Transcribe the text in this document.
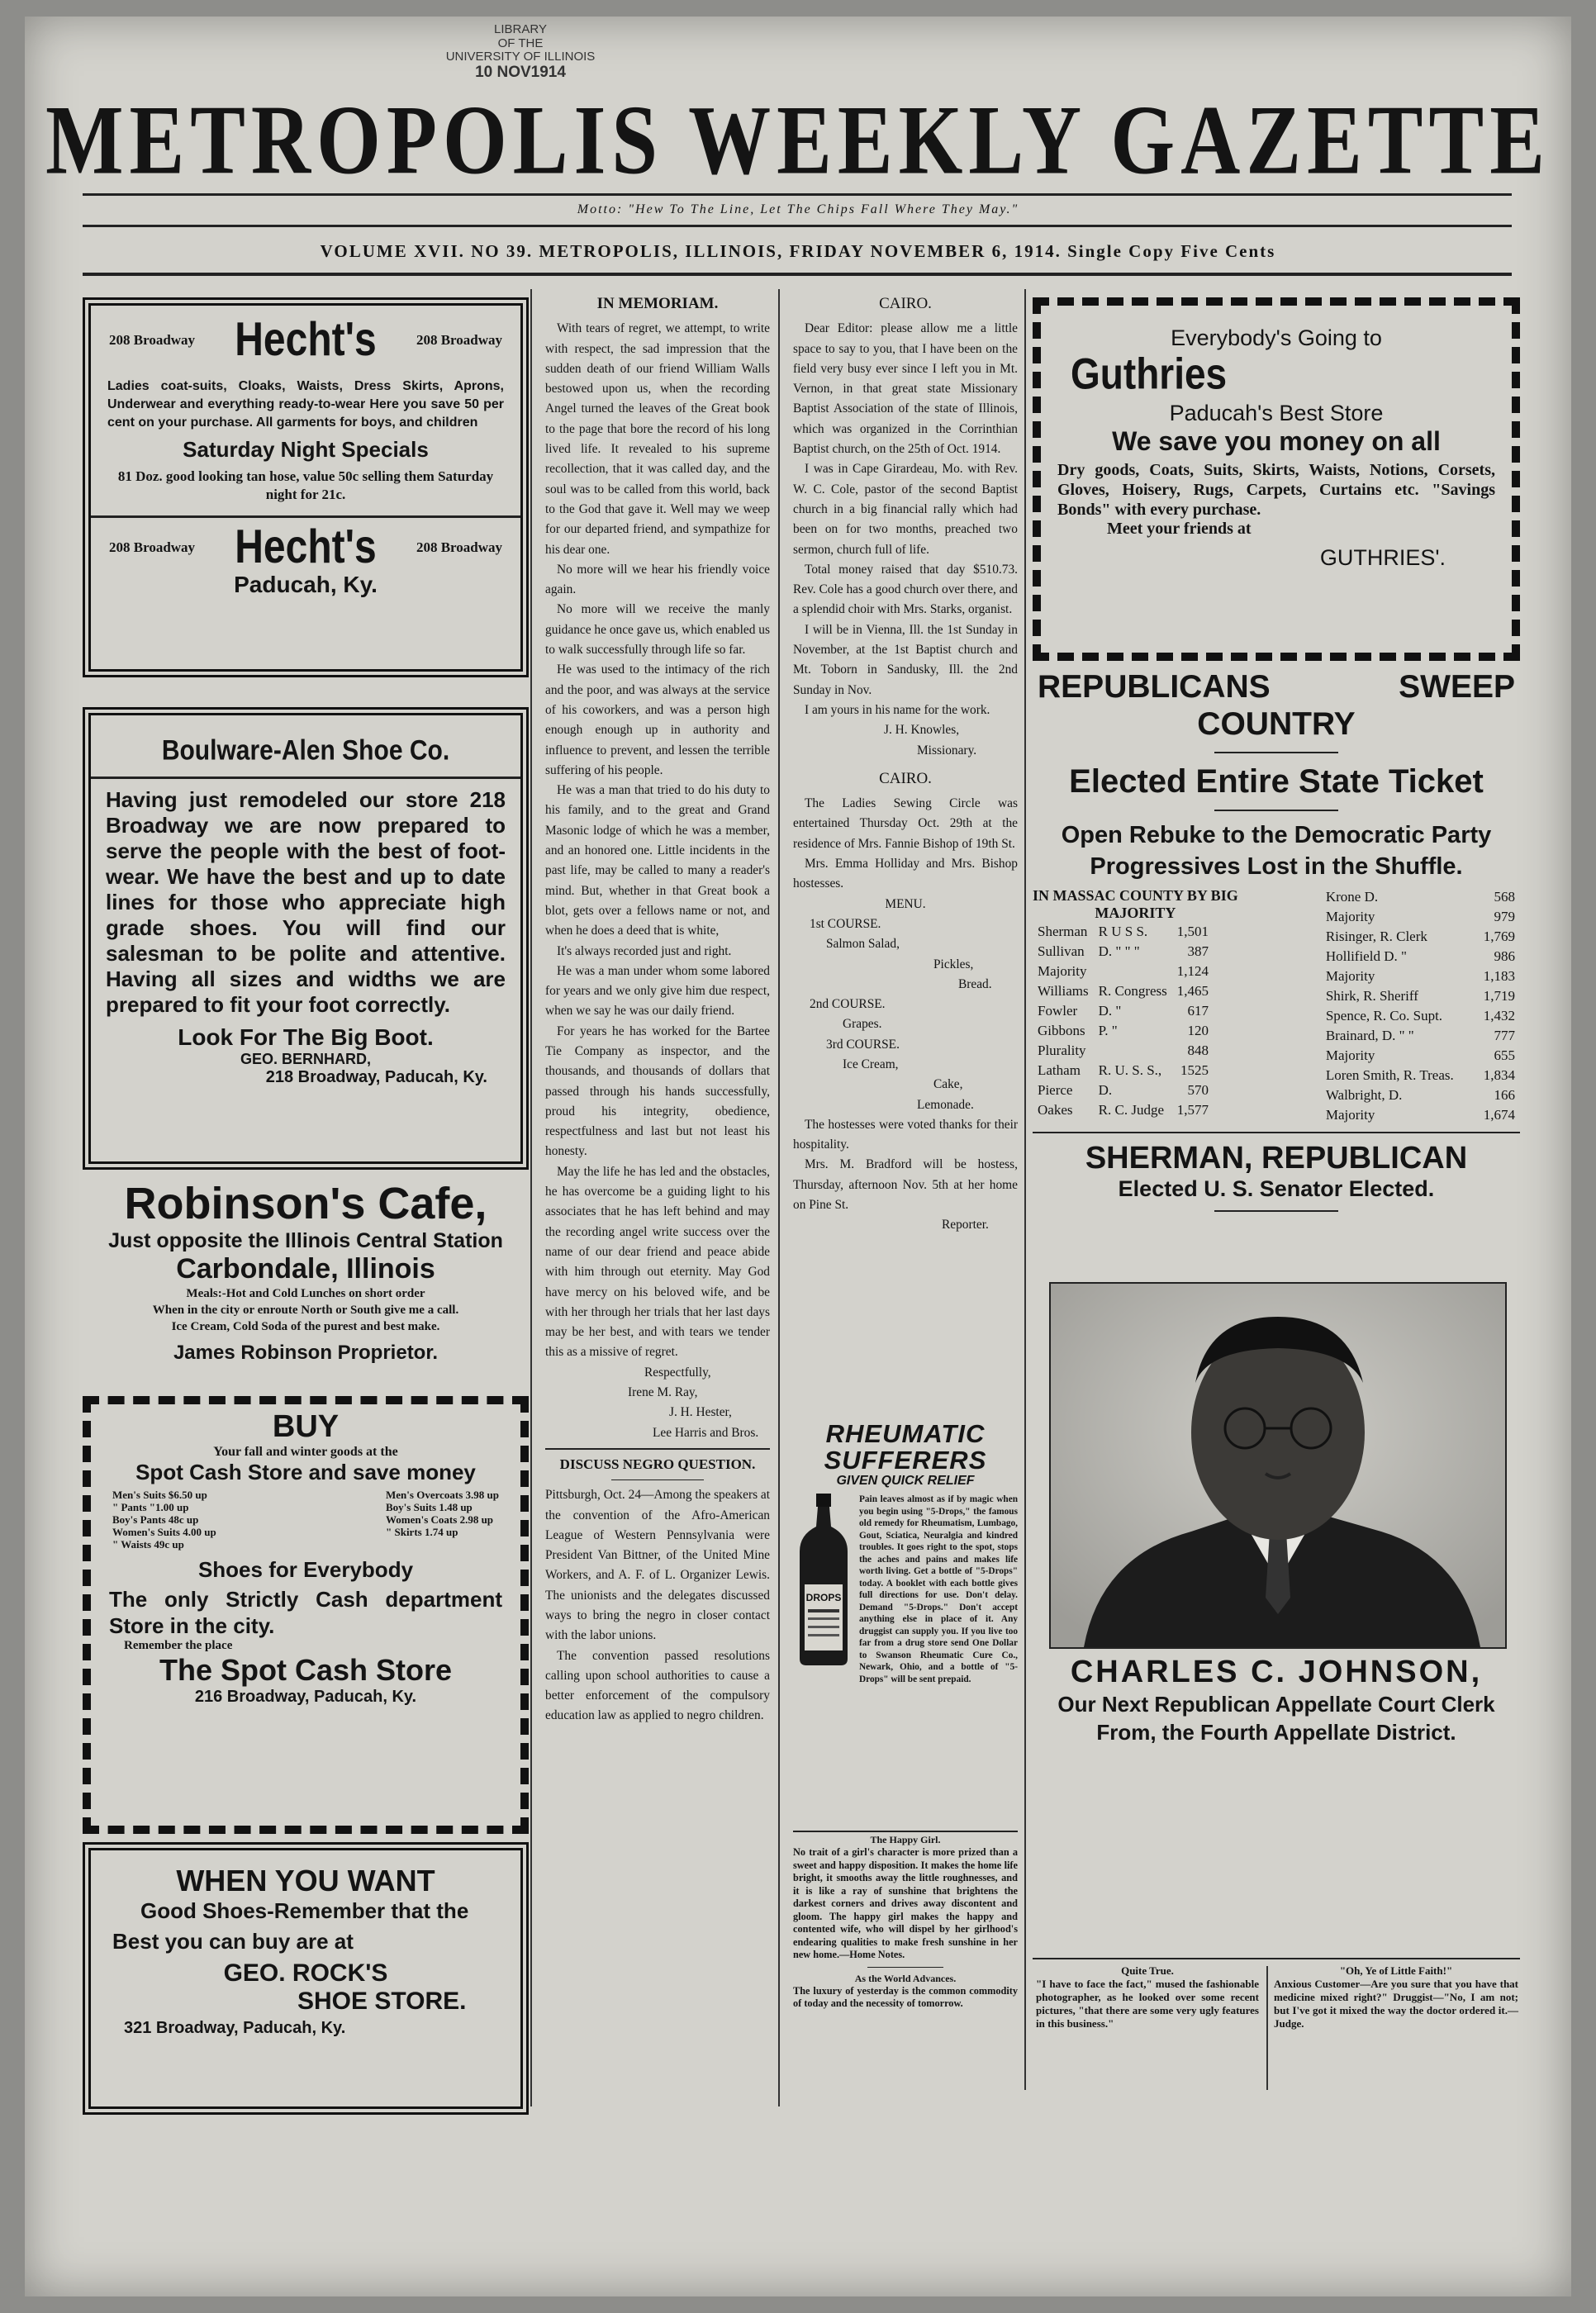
LIBRARY
OF THE
UNIVERSITY OF ILLINOIS
10 NOV1914
METROPOLIS WEEKLY GAZETTE
Motto: "Hew To The Line, Let The Chips Fall Where They May."
VOLUME XVII. NO 39. METROPOLIS, ILLINOIS, FRIDAY NOVEMBER 6, 1914. Single Copy Five Cents
208 Broadway Hecht's	208 Broadway
Ladies coat-suits, Cloaks, Waists, Dress Skirts, Aprons, Underwear and everything ready-to-wear Here you save 50 per cent on your purchase. All garments for boys, and children
Saturday Night Specials
81 Doz. good looking tan hose, value 50c selling them Saturday night for 21c.
208 Broadway Hecht's	208 Broadway
Paducah, Ky.
Boulware-Alen Shoe Co.
Having just remodeled our store 218 Broadway we are now prepared to serve the people with the best of foot-wear. We have the best and up to date lines for those who appreciate high grade shoes. You will find our salesman to be polite and attentive. Having all sizes and widths we are prepared to fit your foot correctly.
Look For The Big Boot.
GEO. BERNHARD,
218 Broadway, Paducah, Ky.
Robinson's Cafe,
Just opposite the Illinois Central Station
Carbondale, Illinois
Meals:-Hot and Cold Lunches on short order
When in the city or enroute North or South give me a call.
Ice Cream, Cold Soda of the purest and best make.
James Robinson Proprietor.
BUY
Your fall and winter goods at the
Spot Cash Store and save money
Men's Suits $6.50 up
" Pants "1.00 up
Boy's Pants 48c up
Women's Suits 4.00 up
" Waists 49c up
Men's Overcoats 3.98 up
Boy's Suits 1.48 up
Women's Coats 2.98 up
" Skirts 1.74 up
Shoes for Everybody
The only Strictly Cash department Store in the city.
Remember the place
The Spot Cash Store
216 Broadway, Paducah, Ky.
WHEN YOU WANT
Good Shoes-Remember that the
Best you can buy are at
GEO. ROCK'S
SHOE STORE.
321 Broadway, Paducah, Ky.
IN MEMORIAM.

With tears of regret, we attempt, to write with respect, the sad impression that the sudden death of our friend William Walls bestowed upon us, when the recording Angel turned the leaves of the Great book to the page that bore the record of his long lived life. It revealed to his supreme recollection, that it was called day, and the soul was to be called from this world, back to the God that gave it. Well may we weep for our departed friend, and sympathize for his dear one.

No more will we hear his friendly voice again.

No more will we receive the manly guidance he once gave us, which enabled us to walk successfully through life so far.

He was used to the intimacy of the rich and the poor, and was always at the service of his coworkers, and was a person high enough enough up in authority and influence to prevent, and lessen the terrible suffering of his people.

He was a man that tried to do his duty to his family, and to the great and Grand Masonic lodge of which he was a member, and an honored one. Little incidents in the past life, may be called to many a reader's mind. But, whether in that Great book a blot, gets over a fellows name or not, and when he does a deed that is white,

It's always recorded just and right.

He was a man under whom some labored for years and we only give him due respect, when we say he was our daily friend.

For years he has worked for the Bartee Tie Company as inspector, and the thousands, and thousands of dollars that passed through his hands successfully, proud his integrity, obedience, respectfulness and last but not least his honesty.

May the life he has led and the obstacles, he has overcome be a guiding light to his associates that he has left behind and may the recording angel write success over the name of our dear friend and peace abide with him through out eternity. May God have mercy on his beloved wife, and be with her through her trials that her last days may be her best, and with tears we tender this as a missive of regret.

Respectfully,
Irene M. Ray,
J. H. Hester,
Lee Harris and Bros.
DISCUSS NEGRO QUESTION.

Pittsburgh, Oct. 24—Among the speakers at the convention of the Afro-American League of Western Pennsylvania were President Van Bittner, of the United Mine Workers, and A. F. of L. Organizer Lewis. The unionists and the delegates discussed ways to bring the negro in closer contact with the labor unions.

The convention passed resolutions calling upon school authorities to cause a better enforcement of the compulsory education law as applied to negro children.

CAIRO.

Dear Editor: please allow me a little space to say to you, that I have been on the field very busy ever since I left you in Mt. Vernon, in that great state Missionary Baptist Association of the state of Illinois, which was organized in the Corrinthian Baptist church, on the 25th of Oct. 1914.

I was in Cape Girardeau, Mo. with Rev. W. C. Cole, pastor of the second Baptist church in a big financial rally which had been on for two months, preached two sermon, church full of life.

Total money raised that day $510.73. Rev. Cole has a good church over there, and a splendid choir with Mrs. Starks, organist.

I will be in Vienna, Ill. the 1st Sunday in November, at the 1st Baptist church and Mt. Toborn in Sandusky, Ill. the 2nd Sunday in Nov.

I am yours in his name for the work.

J. H. Knowles,
Missionary.
CAIRO.

The Ladies Sewing Circle was entertained Thursday Oct. 29th at the residence of Mrs. Fannie Bishop of 19th St.

Mrs. Emma Holliday and Mrs. Bishop hostesses.

MENU.
1st COURSE.
Salmon Salad,
Pickles,
Bread.
2nd COURSE.
Grapes.
3rd COURSE.
Ice Cream,
Cake,
Lemonade.

The hostesses were voted thanks for their hospitality.

Mrs. M. Bradford will be hostess, Thursday, afternoon Nov. 5th at her home on Pine St.

Reporter.
RHEUMATIC
SUFFERERS
GIVEN QUICK RELIEF
DROPS
Pain leaves almost as if by magic when you begin using "5-Drops," the famous old remedy for Rheumatism, Lumbago, Gout, Sciatica, Neuralgia and kindred troubles. It goes right to the spot, stops the aches and pains and makes life worth living. Get a bottle of "5-Drops" today. A booklet with each bottle gives full directions for use. Don't delay. Demand "5-Drops." Don't accept anything else in place of it. Any druggist can supply you. If you live too far from a drug store send One Dollar to Swanson Rheumatic Cure Co., Newark, Ohio, and a bottle of "5-Drops" will be sent prepaid.
The Happy Girl.
No trait of a girl's character is more prized than a sweet and happy disposition. It makes the home life bright, it smooths away the little roughnesses, and it is like a ray of sunshine that brightens the darkest corners and drives away discontent and gloom. The happy girl makes the happy and contented wife, who will dispel by her girlhood's endearing qualities to make fresh sunshine in her new home.—Home Notes.
As the World Advances.
The luxury of yesterday is the common commodity of today and the necessity of tomorrow.
Everybody's Going to
Guthries
Paducah's Best Store
We save you money on all
Dry goods, Coats, Suits, Skirts, Waists, Notions, Corsets, Gloves, Hoisery, Rugs, Carpets, Curtains etc. "Savings Bonds" with every purchase.
Meet your friends at
GUTHRIES'.
REPUBLICANS	SWEEP
COUNTRY
Elected Entire State Ticket
Open Rebuke to the Democratic Party
Progressives Lost in the Shuffle.
IN MASSAC COUNTY BY BIG
MAJORITY
Sherman	R U S S.	1,501
Sullivan	D. " " "	387
Majority		1,124
Williams	R. Congress	1,465
Fowler	D. "	617
Gibbons	P. "	120
Plurality		848
Latham	R. U. S. S.,	1525
Pierce	D.	570
Oakes	R. C. Judge	1,577
Krone D.	568
Majority	979
Risinger, R. Clerk	1,769
Hollifield D. "	986
Majority	1,183
Shirk, R. Sheriff	1,719
Spence, R. Co. Supt.	1,432
Brainard, D. " "	777
Majority	655
Loren Smith, R. Treas.	1,834
Walbright, D.	166
Majority	1,674
SHERMAN, REPUBLICAN
Elected U. S. Senator Elected.
CHARLES C. JOHNSON,
Our Next Republican Appellate Court Clerk
From, the Fourth Appellate District.
Quite True.
"I have to face the fact," mused the fashionable photographer, as he looked over some recent pictures, "that there are some very ugly features in this business."
"Oh, Ye of Little Faith!"
Anxious Customer—Are you sure that you have that medicine mixed right?" Druggist—"No, I am not; but I've got it mixed the way the doctor ordered it.—Judge.
